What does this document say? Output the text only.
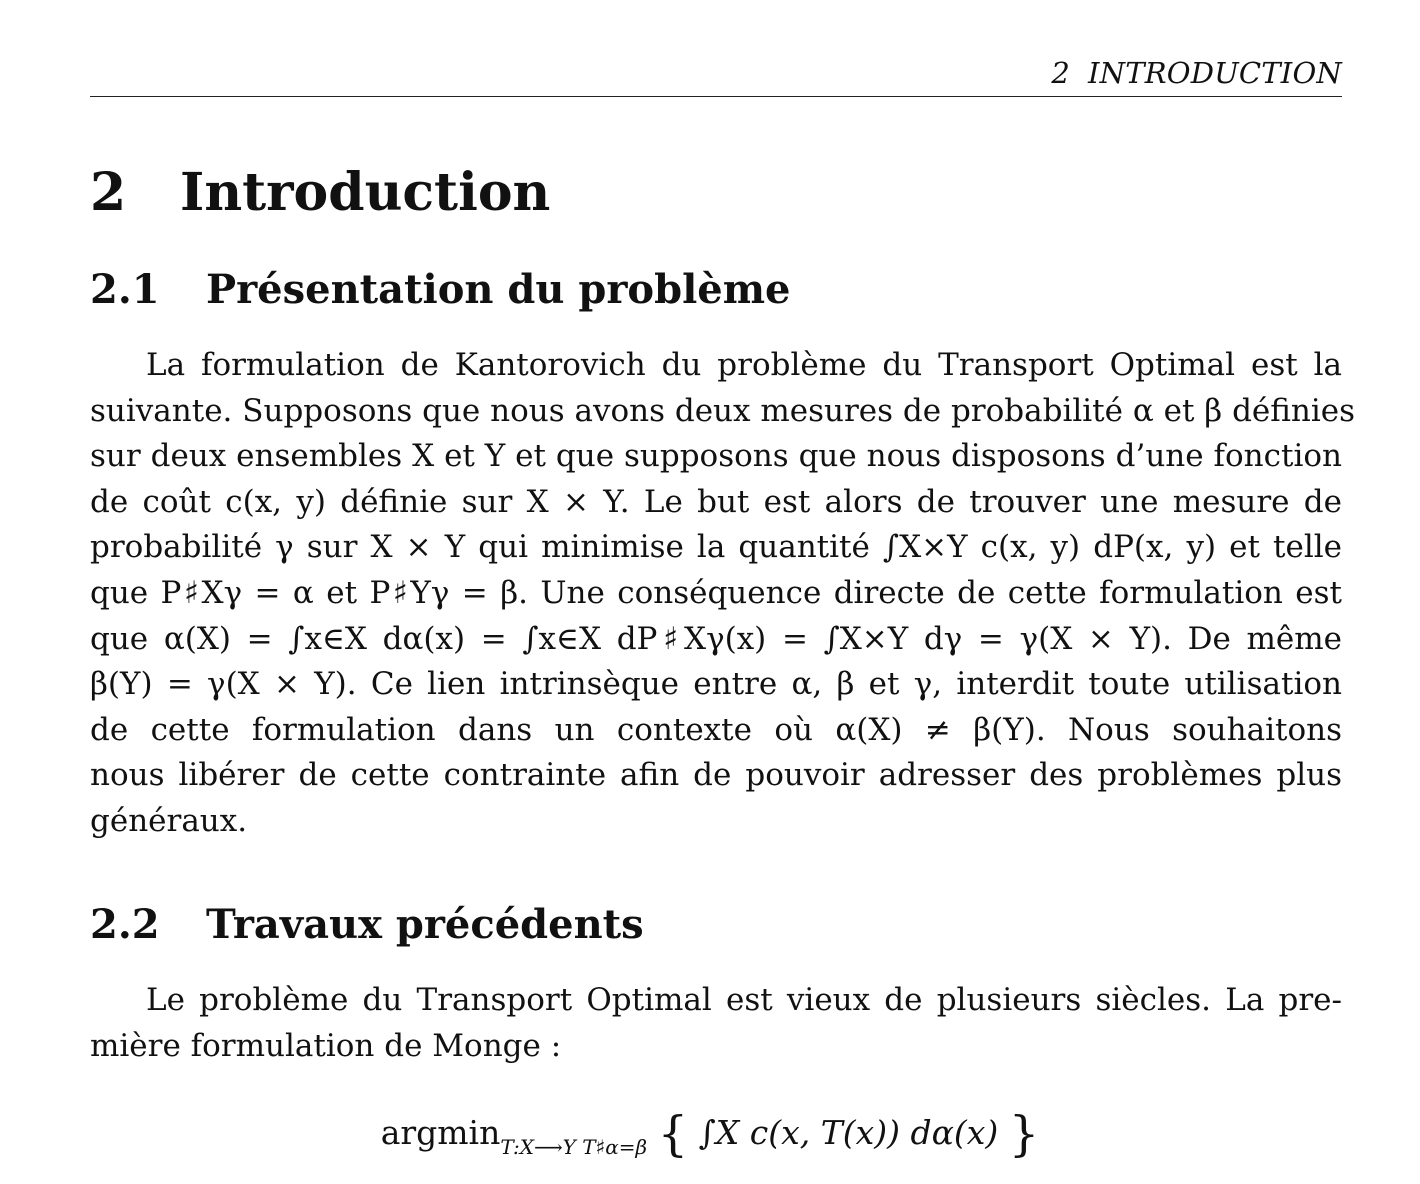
2 INTRODUCTION
2 Introduction
2.1 Présentation du problème
La formulation de Kantorovich du problème du Transport Optimal est la
suivante. Supposons que nous avons deux mesures de probabilité α et β définies
sur deux ensembles X et Y et que supposons que nous disposons d’une fonction
de coût c(x, y) définie sur X × Y. Le but est alors de trouver une mesure de
probabilité γ sur X × Y qui minimise la quantité ∫X×Y c(x, y) dP(x, y) et telle
que P♯Xγ = α et P♯Yγ = β. Une conséquence directe de cette formulation est
que α(X) = ∫x∈X dα(x) = ∫x∈X dP♯Xγ(x) = ∫X×Y dγ = γ(X × Y). De même
β(Y) = γ(X × Y). Ce lien intrinsèque entre α, β et γ, interdit toute utilisation
de cette formulation dans un contexte où α(X) ≠ β(Y). Nous souhaitons
nous libérer de cette contrainte afin de pouvoir adresser des problèmes plus
généraux.
2.2 Travaux précédents
Le problème du Transport Optimal est vieux de plusieurs siècles. La pre-
mière formulation de Monge :
argmin$_{T:X⟶Y T♯\alpha=\beta}$ { ∫X c(x, T(x)) dα(x) }
